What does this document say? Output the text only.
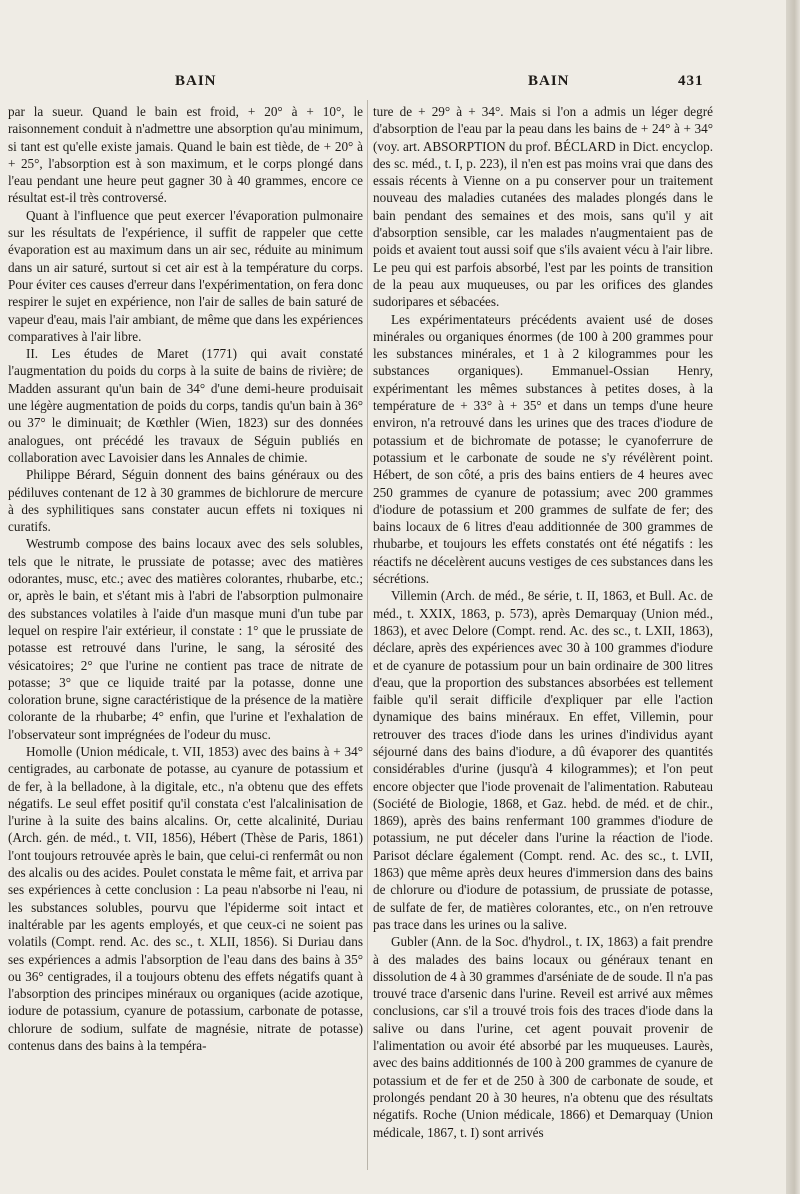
BAIN	BAIN	431

par la sueur. Quand le bain est froid, + 20° à + 10°, le raisonnement conduit à n'admettre une absorption qu'au minimum, si tant est qu'elle existe jamais. Quand le bain est tiède, de + 20° à + 25°, l'absorption est à son maximum, et le corps plongé dans l'eau pendant une heure peut gagner 30 à 40 grammes, encore ce résultat est-il très controversé.

Quant à l'influence que peut exercer l'évaporation pulmonaire sur les résultats de l'expérience, il suffit de rappeler que cette évaporation est au maximum dans un air sec, réduite au minimum dans un air saturé, surtout si cet air est à la température du corps. Pour éviter ces causes d'erreur dans l'expérimentation, on fera donc respirer le sujet en expérience, non l'air de salles de bain saturé de vapeur d'eau, mais l'air ambiant, de même que dans les expériences comparatives à l'air libre.

II. Les études de Maret (1771) qui avait constaté l'augmentation du poids du corps à la suite de bains de rivière; de Madden assurant qu'un bain de 34° d'une demi-heure produisait une légère augmentation de poids du corps, tandis qu'un bain à 36° ou 37° le diminuait; de Kœthler (Wien, 1823) sur des données analogues, ont précédé les travaux de Séguin publiés en collaboration avec Lavoisier dans les Annales de chimie.

Philippe Bérard, Séguin donnent des bains généraux ou des pédiluves contenant de 12 à 30 grammes de bichlorure de mercure à des syphilitiques sans constater aucun effets ni toxiques ni curatifs.

Westrumb compose des bains locaux avec des sels solubles, tels que le nitrate, le prussiate de potasse; avec des matières odorantes, musc, etc.; avec des matières colorantes, rhubarbe, etc.; or, après le bain, et s'étant mis à l'abri de l'absorption pulmonaire des substances volatiles à l'aide d'un masque muni d'un tube par lequel on respire l'air extérieur, il constate : 1° que le prussiate de potasse est retrouvé dans l'urine, le sang, la sérosité des vésicatoires; 2° que l'urine ne contient pas trace de nitrate de potasse; 3° que ce liquide traité par la potasse, donne une coloration brune, signe caractéristique de la présence de la matière colorante de la rhubarbe; 4° enfin, que l'urine et l'exhalation de l'observateur sont imprégnées de l'odeur du musc.

Homolle (Union médicale, t. VII, 1853) avec des bains à + 34° centigrades, au carbonate de potasse, au cyanure de potassium et de fer, à la belladone, à la digitale, etc., n'a obtenu que des effets négatifs. Le seul effet positif qu'il constata c'est l'alcalinisation de l'urine à la suite des bains alcalins. Or, cette alcalinité, Duriau (Arch. gén. de méd., t. VII, 1856), Hébert (Thèse de Paris, 1861) l'ont toujours retrouvée après le bain, que celui-ci renfermât ou non des alcalis ou des acides. Poulet constata le même fait, et arriva par ses expériences à cette conclusion : La peau n'absorbe ni l'eau, ni les substances solubles, pourvu que l'épiderme soit intact et inaltérable par les agents employés, et que ceux-ci ne soient pas volatils (Compt. rend. Ac. des sc., t. XLII, 1856). Si Duriau dans ses expériences a admis l'absorption de l'eau dans des bains à 35° ou 36° centigrades, il a toujours obtenu des effets négatifs quant à l'absorption des principes minéraux ou organiques (acide azotique, iodure de potassium, cyanure de potassium, carbonate de potasse, chlorure de sodium, sulfate de magnésie, nitrate de potasse) contenus dans des bains à la tempéra-

ture de + 29° à + 34°. Mais si l'on a admis un léger degré d'absorption de l'eau par la peau dans les bains de + 24° à + 34° (voy. art. ABSORPTION du prof. BÉCLARD in Dict. encyclop. des sc. méd., t. I, p. 223), il n'en est pas moins vrai que dans des essais récents à Vienne on a pu conserver pour un traitement nouveau des maladies cutanées des malades plongés dans le bain pendant des semaines et des mois, sans qu'il y ait d'absorption sensible, car les malades n'augmentaient pas de poids et avaient tout aussi soif que s'ils avaient vécu à l'air libre. Le peu qui est parfois absorbé, l'est par les points de transition de la peau aux muqueuses, ou par les orifices des glandes sudoripares et sébacées.

Les expérimentateurs précédents avaient usé de doses minérales ou organiques énormes (de 100 à 200 grammes pour les substances minérales, et 1 à 2 kilogrammes pour les substances organiques). Emmanuel-Ossian Henry, expérimentant les mêmes substances à petites doses, à la température de + 33° à + 35° et dans un temps d'une heure environ, n'a retrouvé dans les urines que des traces d'iodure de potassium et de bichromate de potasse; le cyanoferrure de potassium et le carbonate de soude ne s'y révélèrent point. Hébert, de son côté, a pris des bains entiers de 4 heures avec 250 grammes de cyanure de potassium; avec 200 grammes d'iodure de potassium et 200 grammes de sulfate de fer; des bains locaux de 6 litres d'eau additionnée de 300 grammes de rhubarbe, et toujours les effets constatés ont été négatifs : les réactifs ne décelèrent aucuns vestiges de ces substances dans les sécrétions.

Villemin (Arch. de méd., 8e série, t. II, 1863, et Bull. Ac. de méd., t. XXIX, 1863, p. 573), après Demarquay (Union méd., 1863), et avec Delore (Compt. rend. Ac. des sc., t. LXII, 1863), déclare, après des expériences avec 30 à 100 grammes d'iodure et de cyanure de potassium pour un bain ordinaire de 300 litres d'eau, que la proportion des substances absorbées est tellement faible qu'il serait difficile d'expliquer par elle l'action dynamique des bains minéraux. En effet, Villemin, pour retrouver des traces d'iode dans les urines d'individus ayant séjourné dans des bains d'iodure, a dû évaporer des quantités considérables d'urine (jusqu'à 4 kilogrammes); et l'on peut encore objecter que l'iode provenait de l'alimentation. Rabuteau (Société de Biologie, 1868, et Gaz. hebd. de méd. et de chir., 1869), après des bains renfermant 100 grammes d'iodure de potassium, ne put déceler dans l'urine la réaction de l'iode. Parisot déclare également (Compt. rend. Ac. des sc., t. LVII, 1863) que même après deux heures d'immersion dans des bains de chlorure ou d'iodure de potassium, de prussiate de potasse, de sulfate de fer, de matières colorantes, etc., on n'en retrouve pas trace dans les urines ou la salive.

Gubler (Ann. de la Soc. d'hydrol., t. IX, 1863) a fait prendre à des malades des bains locaux ou généraux tenant en dissolution de 4 à 30 grammes d'arséniate de de soude. Il n'a pas trouvé trace d'arsenic dans l'urine. Reveil est arrivé aux mêmes conclusions, car s'il a trouvé trois fois des traces d'iode dans la salive ou dans l'urine, cet agent pouvait provenir de l'alimentation ou avoir été absorbé par les muqueuses. Laurès, avec des bains additionnés de 100 à 200 grammes de cyanure de potassium et de fer et de 250 à 300 de carbonate de soude, et prolongés pendant 20 à 30 heures, n'a obtenu que des résultats négatifs. Roche (Union médicale, 1866) et Demarquay (Union médicale, 1867, t. I) sont arrivés
